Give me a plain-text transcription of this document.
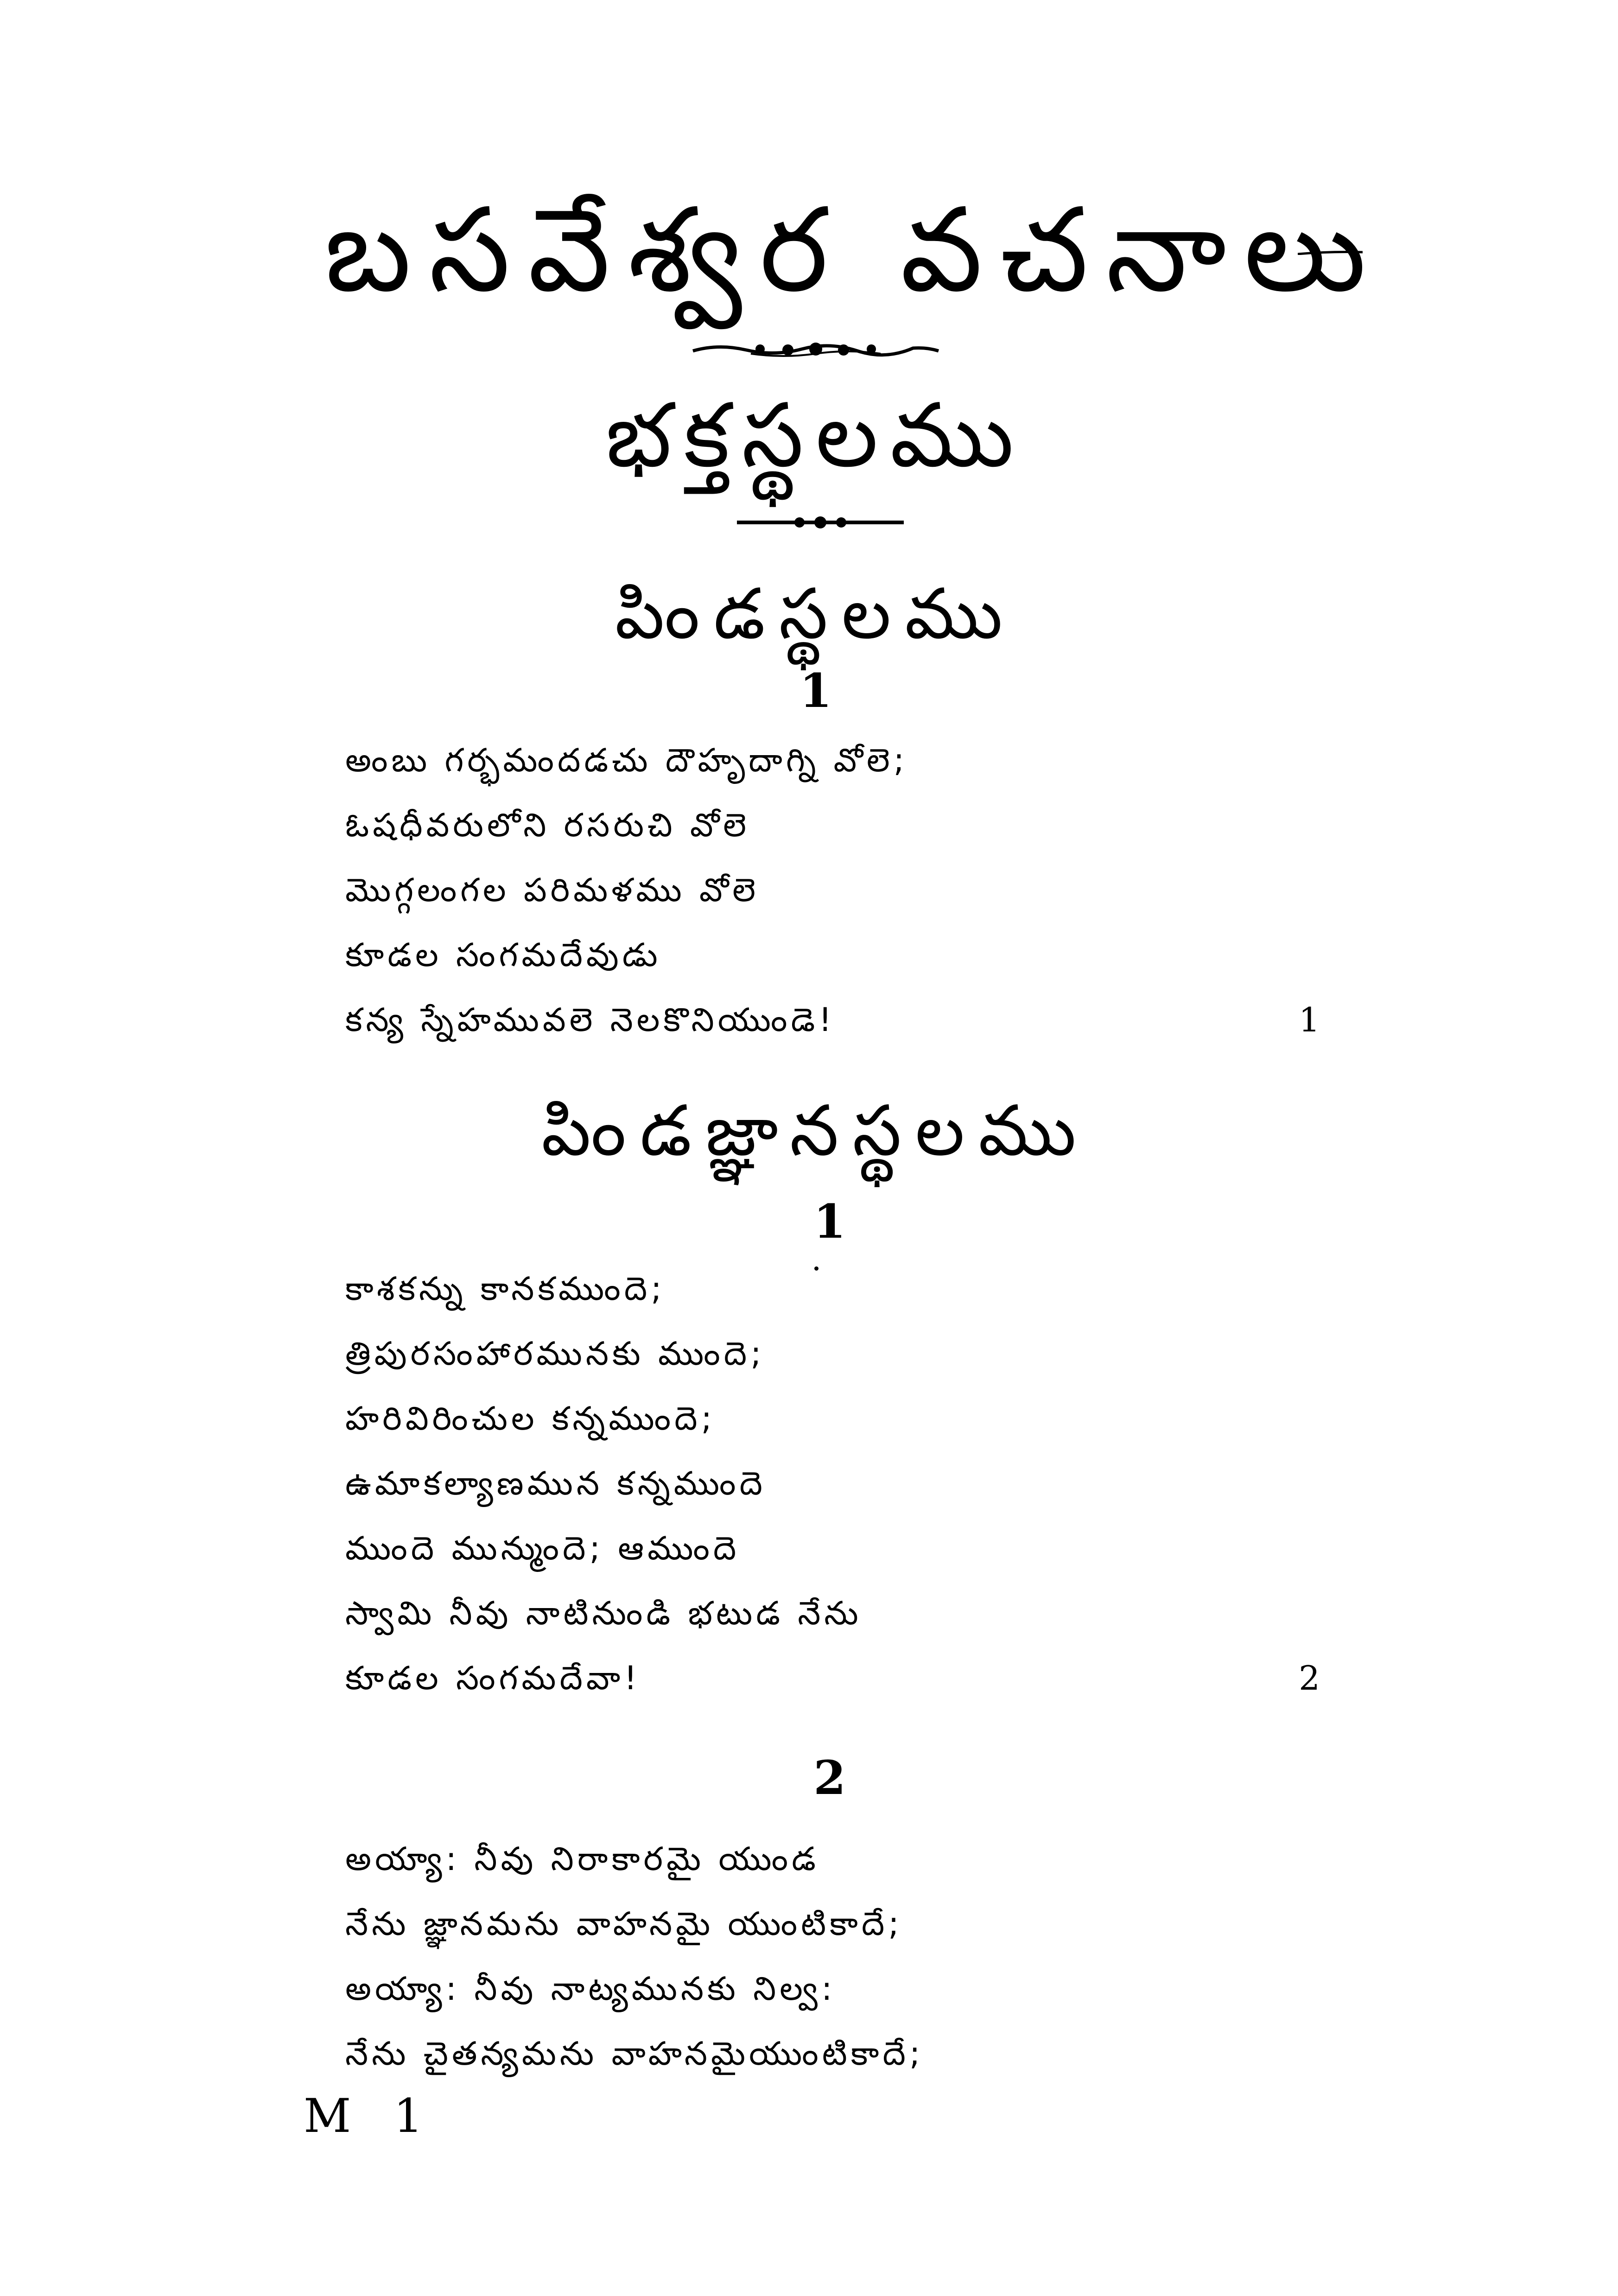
బసవేశ్వర వచనాలు
భక్తస్థలము
పిండస్థలము
1
అంబు గర్భమందడచు దౌహృదాగ్ని వోలె;
ఓషధీవరులోని రసరుచి వోలె
మొగ్గలంగల పరిమళము వోలె
కూడల సంగమదేవుడు
కన్య స్నేహమువలె నెలకొనియుండె!	1
పిండజ్ఞానస్థలము
1
కాశకన్ను కానకముందె;
త్రిపురసంహారమునకు ముందె;
హరివిరించుల కన్నముందె;
ఉమాకల్యాణమున కన్నముందె
ముందె మున్ముందె; ఆముందె
స్వామి నీవు నాటినుండి భటుడ నేను
కూడల సంగమదేవా!	2
2
అయ్యా: నీవు నిరాకారమై యుండ
నేను జ్ఞానమను వాహనమై యుంటికాదే;
అయ్యా: నీవు నాట్యమునకు నిల్వ:
నేను చైతన్యమను వాహనమైయుంటికాదే;
M 1
